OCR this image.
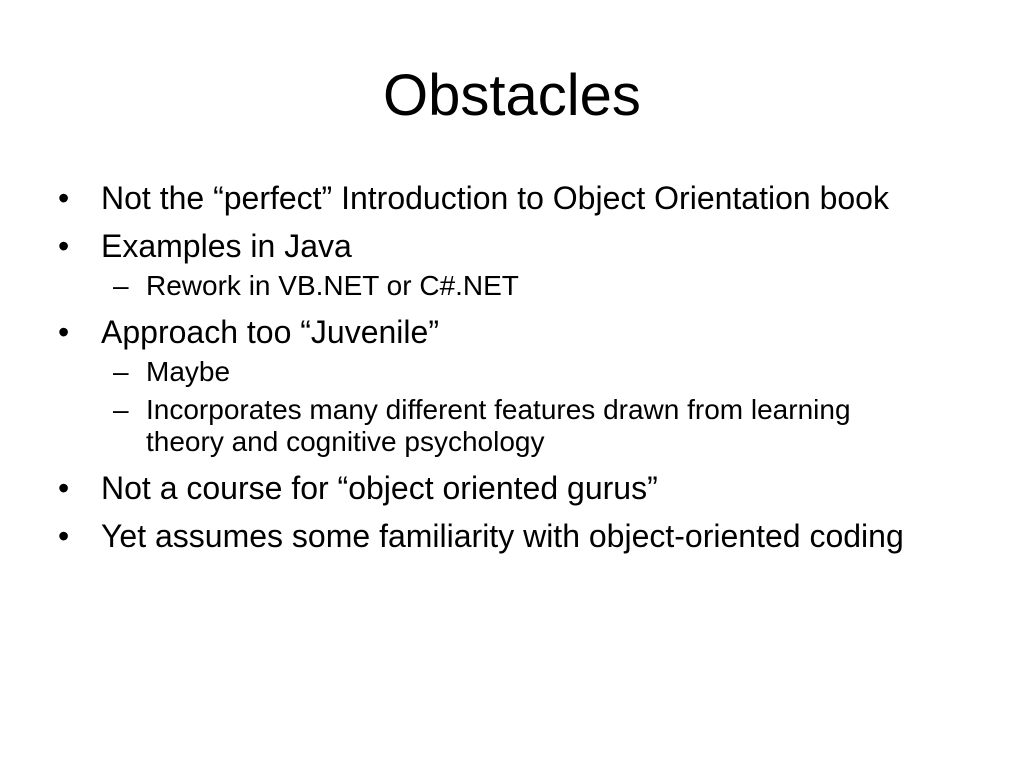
Obstacles
• Not the “perfect” Introduction to Object Orientation book
• Examples in Java
– Rework in VB.NET or C#.NET
• Approach too “Juvenile”
– Maybe
– Incorporates many different features drawn from learning theory and cognitive psychology
• Not a course for “object oriented gurus”
• Yet assumes some familiarity with object-oriented coding
